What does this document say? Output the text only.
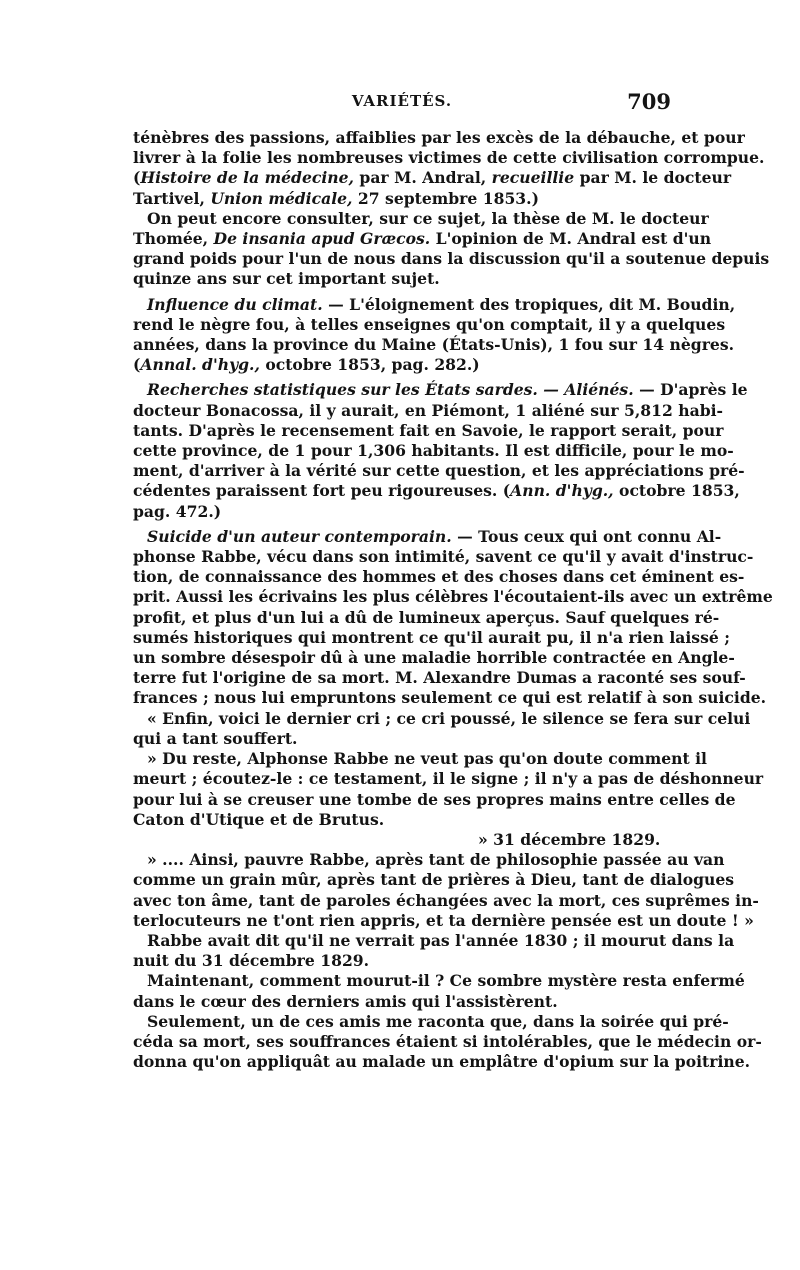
VARIÉTÉS.	709
ténèbres des passions, affaiblies par les excès de la débauche, et pour
livrer à la folie les nombreuses victimes de cette civilisation corrompue.
(Histoire de la médecine, par M. Andral, recueillie par M. le docteur
Tartivel, Union médicale, 27 septembre 1853.)
On peut encore consulter, sur ce sujet, la thèse de M. le docteur
Thomée, De insania apud Græcos. L'opinion de M. Andral est d'un
grand poids pour l'un de nous dans la discussion qu'il a soutenue depuis
quinze ans sur cet important sujet.
Influence du climat. — L'éloignement des tropiques, dit M. Boudin,
rend le nègre fou, à telles enseignes qu'on comptait, il y a quelques
années, dans la province du Maine (États-Unis), 1 fou sur 14 nègres.
(Annal. d'hyg., octobre 1853, pag. 282.)
Recherches statistiques sur les États sardes. — Aliénés. — D'après le
docteur Bonacossa, il y aurait, en Piémont, 1 aliéné sur 5,812 habi-
tants. D'après le recensement fait en Savoie, le rapport serait, pour
cette province, de 1 pour 1,306 habitants. Il est difficile, pour le mo-
ment, d'arriver à la vérité sur cette question, et les appréciations pré-
cédentes paraissent fort peu rigoureuses. (Ann. d'hyg., octobre 1853,
pag. 472.)
Suicide d'un auteur contemporain. — Tous ceux qui ont connu Al-
phonse Rabbe, vécu dans son intimité, savent ce qu'il y avait d'instruc-
tion, de connaissance des hommes et des choses dans cet éminent es-
prit. Aussi les écrivains les plus célèbres l'écoutaient-ils avec un extrême
profit, et plus d'un lui a dû de lumineux aperçus. Sauf quelques ré-
sumés historiques qui montrent ce qu'il aurait pu, il n'a rien laissé ;
un sombre désespoir dû à une maladie horrible contractée en Angle-
terre fut l'origine de sa mort. M. Alexandre Dumas a raconté ses souf-
frances ; nous lui empruntons seulement ce qui est relatif à son suicide.
« Enfin, voici le dernier cri ; ce cri poussé, le silence se fera sur celui
qui a tant souffert.
» Du reste, Alphonse Rabbe ne veut pas qu'on doute comment il
meurt ; écoutez-le : ce testament, il le signe ; il n'y a pas de déshonneur
pour lui à se creuser une tombe de ses propres mains entre celles de
Caton d'Utique et de Brutus.
» 31 décembre 1829.
» .... Ainsi, pauvre Rabbe, après tant de philosophie passée au van
comme un grain mûr, après tant de prières à Dieu, tant de dialogues
avec ton âme, tant de paroles échangées avec la mort, ces suprêmes in-
terlocuteurs ne t'ont rien appris, et ta dernière pensée est un doute ! »
Rabbe avait dit qu'il ne verrait pas l'année 1830 ; il mourut dans la
nuit du 31 décembre 1829.
Maintenant, comment mourut-il ? Ce sombre mystère resta enfermé
dans le cœur des derniers amis qui l'assistèrent.
Seulement, un de ces amis me raconta que, dans la soirée qui pré-
céda sa mort, ses souffrances étaient si intolérables, que le médecin or-
donna qu'on appliquât au malade un emplâtre d'opium sur la poitrine.
